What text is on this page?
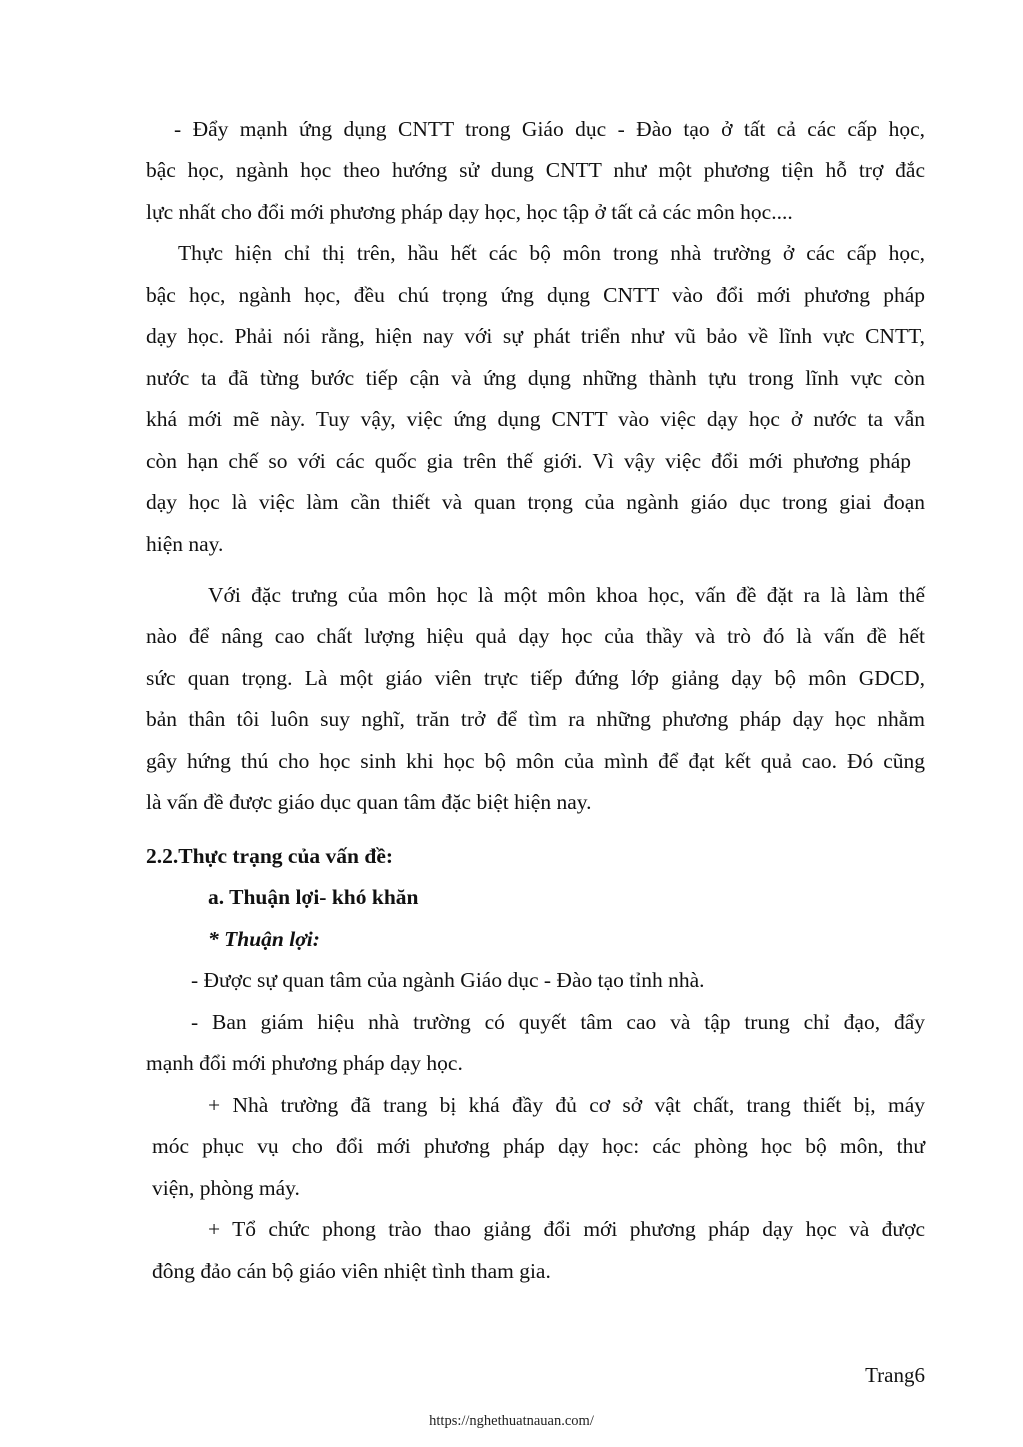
- Đẩy mạnh ứng dụng CNTT trong Giáo dục - Đào tạo ở tất cả các cấp học,
bậc học, ngành học theo hướng sử dung CNTT như một phương tiện hỗ trợ đắc
lực nhất cho đổi mới phương pháp dạy học, học tập ở tất cả các môn học....
Thực hiện chỉ thị trên, hầu hết các bộ môn trong nhà trường ở các cấp học,
bậc học, ngành học, đều chú trọng ứng dụng CNTT vào đổi mới phương pháp
dạy học. Phải nói rằng, hiện nay với sự phát triển như vũ bảo về lĩnh vực CNTT,
nước ta đã từng bước tiếp cận và ứng dụng những thành tựu trong lĩnh vực còn
khá mới mẽ này. Tuy vậy, việc ứng dụng CNTT vào việc dạy học ở nước ta vẫn
còn hạn chế so với các quốc gia trên thế giới. Vì vậy việc đổi mới phương pháp
dạy học là việc làm cần thiết và quan trọng của ngành giáo dục trong giai đoạn
hiện nay.
Với đặc trưng của môn học là một môn khoa học, vấn đề đặt ra là làm thế
nào để nâng cao chất lượng hiệu quả dạy học của thầy và trò đó là vấn đề hết
sức quan trọng. Là một giáo viên trực tiếp đứng lớp giảng dạy bộ môn GDCD,
bản thân tôi luôn suy nghĩ, trăn trở để tìm ra những phương pháp dạy học nhằm
gây hứng thú cho học sinh khi học bộ môn của mình để đạt kết quả cao. Đó cũng
là vấn đề được giáo dục quan tâm đặc biệt hiện nay.
2.2.Thực trạng của vấn đề:
a. Thuận lợi- khó khăn
* Thuận lợi:
- Được sự quan tâm của ngành Giáo dục - Đào tạo tỉnh nhà.
- Ban giám hiệu nhà trường có quyết tâm cao và tập trung chỉ đạo, đẩy
mạnh đổi mới phương pháp dạy học.
+ Nhà trường đã trang bị khá đầy đủ cơ sở vật chất, trang thiết bị, máy
móc phục vụ cho đổi mới phương pháp dạy học: các phòng học bộ môn, thư
viện, phòng máy.
+ Tổ chức phong trào thao giảng đổi mới phương pháp dạy học và được
đông đảo cán bộ giáo viên nhiệt tình tham gia.
Trang6
https://nghethuatnauan.com/
